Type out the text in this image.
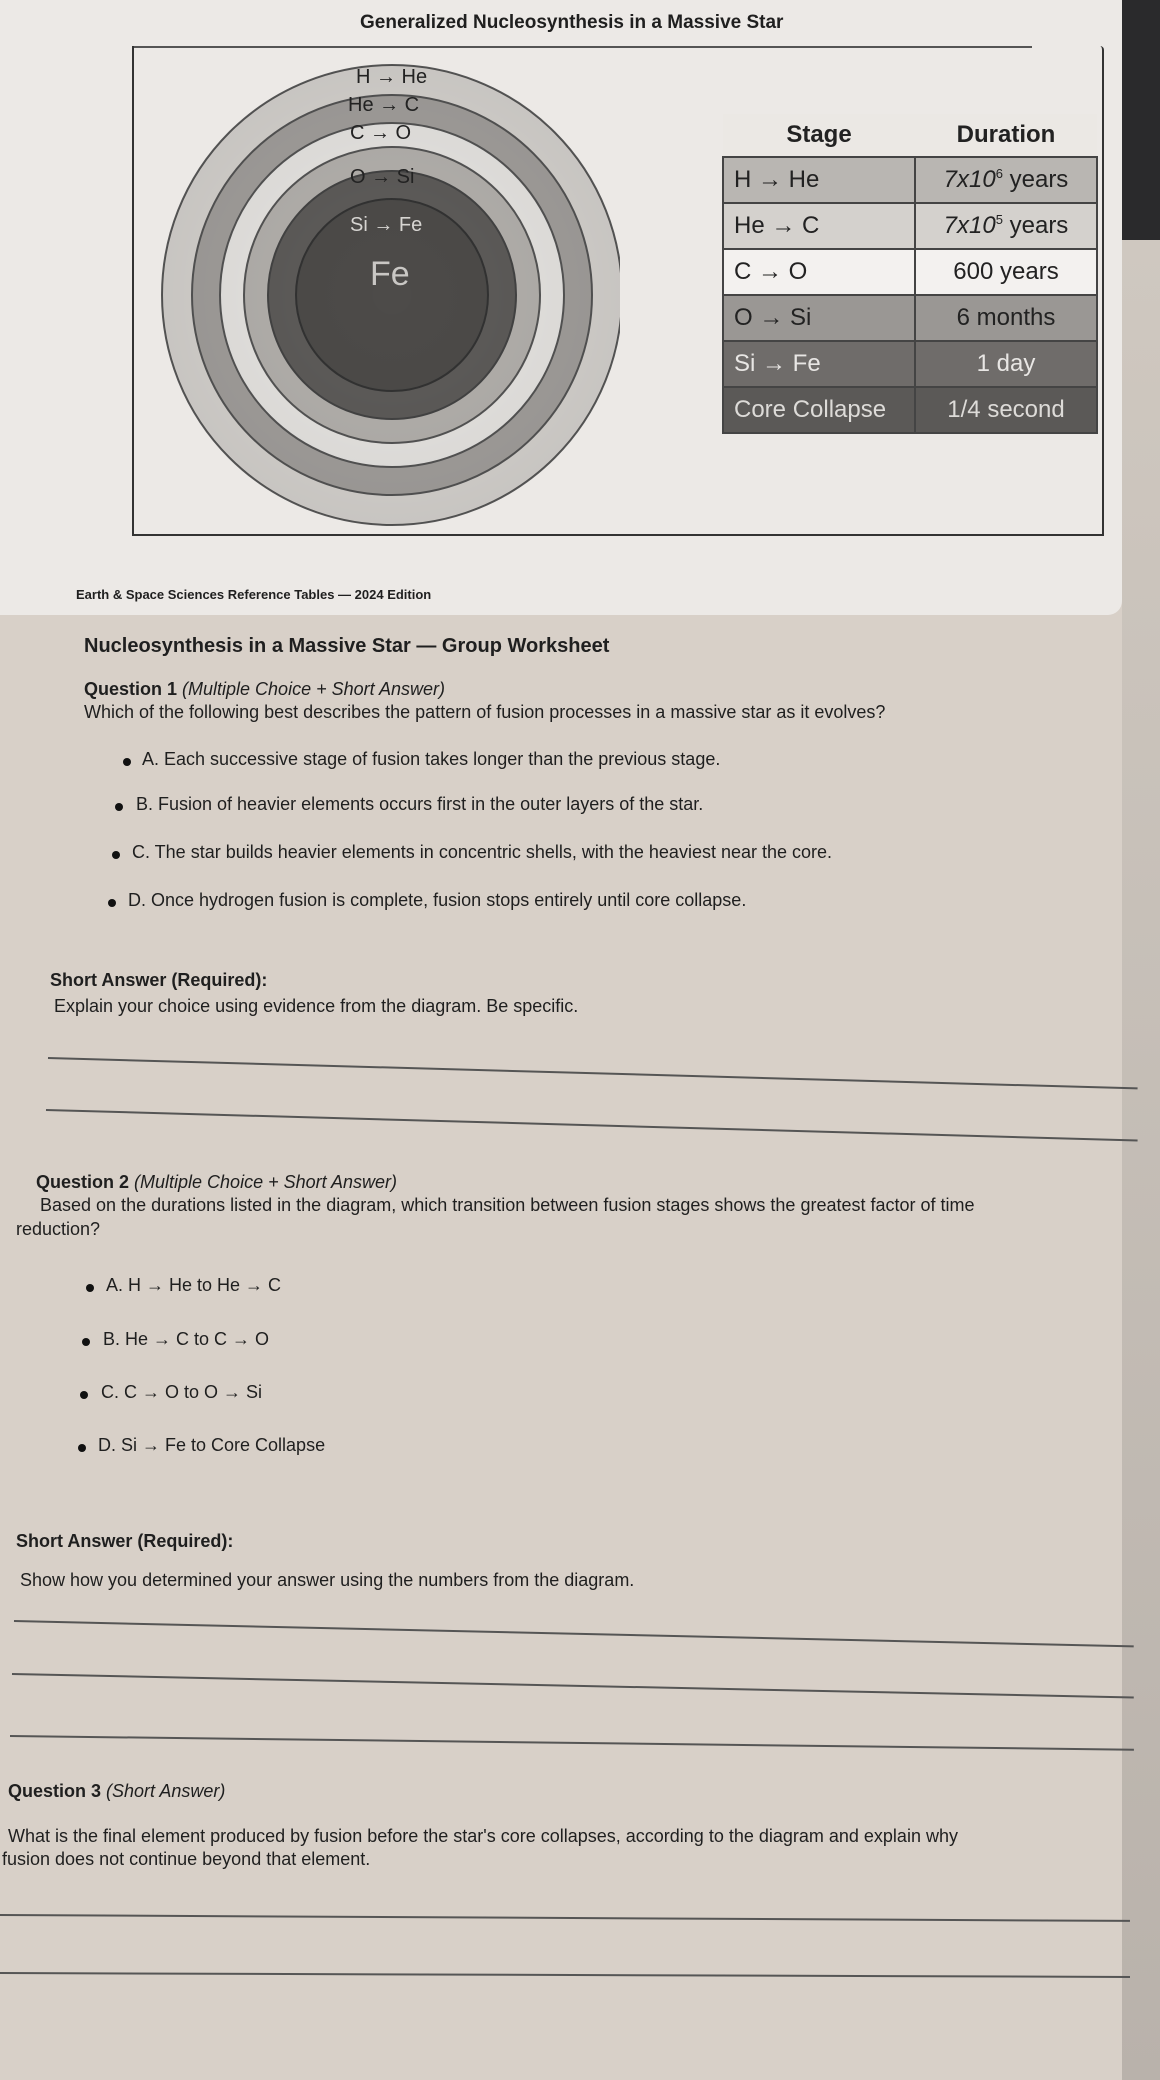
Generalized Nucleosynthesis in a Massive Star
H → He
He → C
C → O
O → Si
Si → Fe
Fe
Stage	Duration
H → He	$7x10^6$ years
He → C	$7x10^5$ years
C → O	600 years
O → Si	6 months
Si → Fe	1 day
Core Collapse	1/4 second
Earth & Space Sciences Reference Tables — 2024 Edition
Nucleosynthesis in a Massive Star — Group Worksheet
Question 1 (Multiple Choice + Short Answer)
Which of the following best describes the pattern of fusion processes in a massive star as it evolves?
A. Each successive stage of fusion takes longer than the previous stage.
B. Fusion of heavier elements occurs first in the outer layers of the star.
C. The star builds heavier elements in concentric shells, with the heaviest near the core.
D. Once hydrogen fusion is complete, fusion stops entirely until core collapse.
Short Answer (Required):
Explain your choice using evidence from the diagram. Be specific.
Question 2 (Multiple Choice + Short Answer)
Based on the durations listed in the diagram, which transition between fusion stages shows the greatest factor of time
reduction?
A. H → He to He → C
B. He → C to C → O
C. C → O to O → Si
D. Si → Fe to Core Collapse
Short Answer (Required):
Show how you determined your answer using the numbers from the diagram.
Question 3 (Short Answer)
What is the final element produced by fusion before the star's core collapses, according to the diagram and explain why
fusion does not continue beyond that element.
